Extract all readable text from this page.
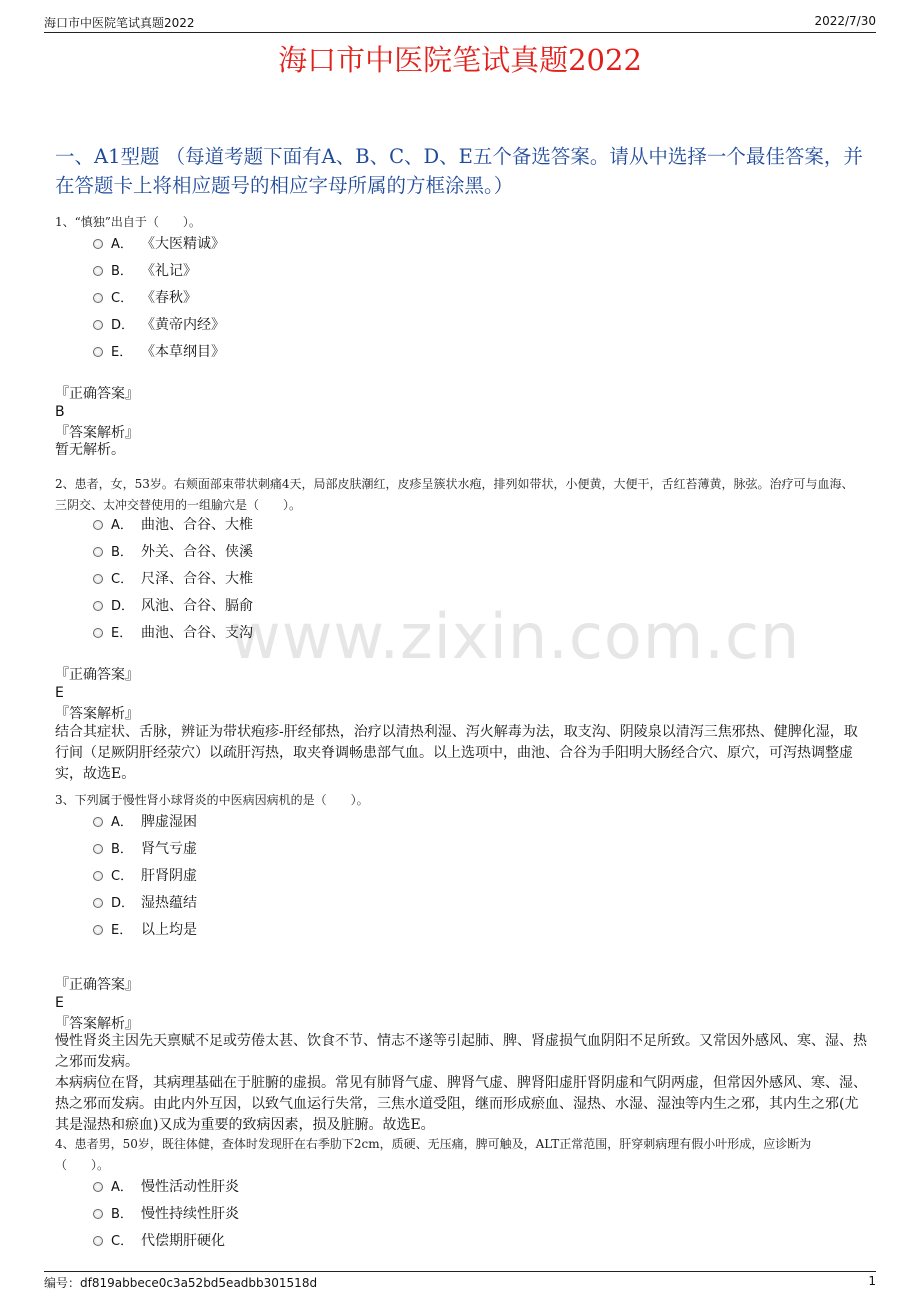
海口市中医院笔试真题2022	2022/7/30
海口市中医院笔试真题2022
一、A1型题 （每道考题下面有A、B、C、D、E五个备选答案。请从中选择一个最佳答案，并在答题卡上将相应题号的相应字母所属的方框涂黑。）
www.zixin.com.cn
1、“慎独”出自于（　　）。
A． 《大医精诚》
B． 《礼记》
C． 《春秋》
D． 《黄帝内经》
E． 《本草纲目》
『正确答案』
B
『答案解析』
暂无解析。
2、患者，女，53岁。右颊面部束带状刺痛4天，局部皮肤潮红，皮疹呈簇状水疱，排列如带状，小便黄，大便干，舌红苔薄黄，脉弦。治疗可与血海、三阴交、太冲交替使用的一组腧穴是（　　）。
A． 曲池、合谷、大椎
B． 外关、合谷、侠溪
C． 尺泽、合谷、大椎
D． 风池、合谷、膈俞
E． 曲池、合谷、支沟
『正确答案』
E
『答案解析』
结合其症状、舌脉，辨证为带状疱疹-肝经郁热，治疗以清热利湿、泻火解毒为法，取支沟、阴陵泉以清泻三焦邪热、健脾化湿，取行间（足厥阴肝经荥穴）以疏肝泻热，取夹脊调畅患部气血。以上选项中，曲池、合谷为手阳明大肠经合穴、原穴，可泻热调整虚实，故选E。
3、下列属于慢性肾小球肾炎的中医病因病机的是（　　）。
A． 脾虚湿困
B． 肾气亏虚
C． 肝肾阴虚
D． 湿热蕴结
E． 以上均是
『正确答案』
E
『答案解析』
慢性肾炎主因先天禀赋不足或劳倦太甚、饮食不节、情志不遂等引起肺、脾、肾虚损气血阴阳不足所致。又常因外感风、寒、湿、热之邪而发病。
本病病位在肾，其病理基础在于脏腑的虚损。常见有肺肾气虚、脾肾气虚、脾肾阳虚肝肾阴虚和气阴两虚，但常因外感风、寒、湿、热之邪而发病。由此内外互因，以致气血运行失常，三焦水道受阻，继而形成瘀血、湿热、水湿、湿浊等内生之邪，其内生之邪(尤其是湿热和瘀血)又成为重要的致病因素，损及脏腑。故选E。
4、患者男，50岁，既往体健，查体时发现肝在右季肋下2cm，质硬、无压痛，脾可触及，ALT正常范围，肝穿刺病理有假小叶形成，应诊断为（　　）。
A． 慢性活动性肝炎
B． 慢性持续性肝炎
C． 代偿期肝硬化
编号：df819abbece0c3a52bd5eadbb301518d	1
